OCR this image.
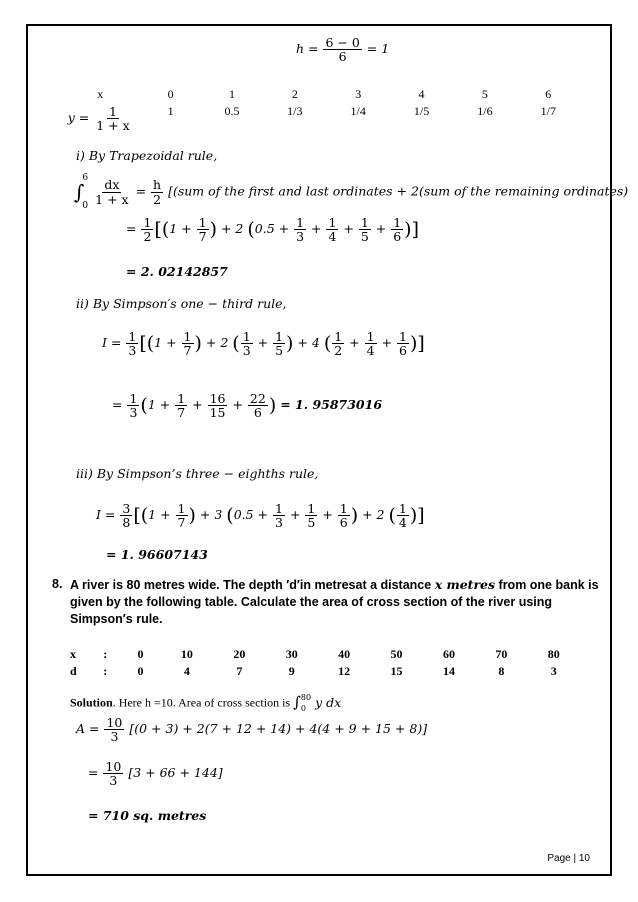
$h = \frac{6 - 0}{6} = 1$
x	0	1	2	3	4	5	6
$y = \frac{1}{1 + x}$	1	0.5	1/3	1/4	1/5	1/6	1/7
i) By Trapezoidal rule,
∫
6
0

$\frac{dx}{1 + x} = \frac{h}{2} [(sum$ of the first and last ordinates + 2(sum of the remaining ordinates)
= $\frac{1}{2} [(1 + \frac{1}{7}$ ) + 2 ($0.5 + \frac{1}{3} + \frac{1}{4} + \frac{1}{5} + \frac{1}{6}$ )]
= 2. 02142857
ii) By Simpson′s one − third rule,
$I = \frac{1}{3} [(1 + \frac{1}{7}$ ) + 2 ( $\frac{1}{3} + \frac{1}{5}$ ) + 4 ( $\frac{1}{2} + \frac{1}{4} + \frac{1}{6}$ )]
= $\frac{1}{3} (1 + \frac{1}{7} + \frac{16}{15} + \frac{22}{6}$ ) = 1. 95873016
iii) By Simpson’s three − eighths rule,
$I = \frac{3}{8} [(1 + \frac{1}{7}$ ) + 3 ($0.5 + \frac{1}{3} + \frac{1}{5} + \frac{1}{6}$ ) + 2 ( $\frac{1}{4}$ )]
= 1. 96607143
8. A river is 80 metres wide. The depth ′d′in metresat a distance x metres from one bank is
given by the following table. Calculate the area of cross section of the river using
Simpson′s rule.
x	:	0	10	20	30	40	50	60	70	80
d	:	0	4	7	9	12	15	14	8	3
Solution. Here h =10. Area of cross section is ∫ 80
0 y dx
$A = \frac{10}{3} [(0 + 3) + 2(7 + 12 + 14) + 4(4 + 9 + 15 + 8)]$
= $\frac{10}{3} [3 + 66 + 144]$
= 710 sq. metres
Page | 10
